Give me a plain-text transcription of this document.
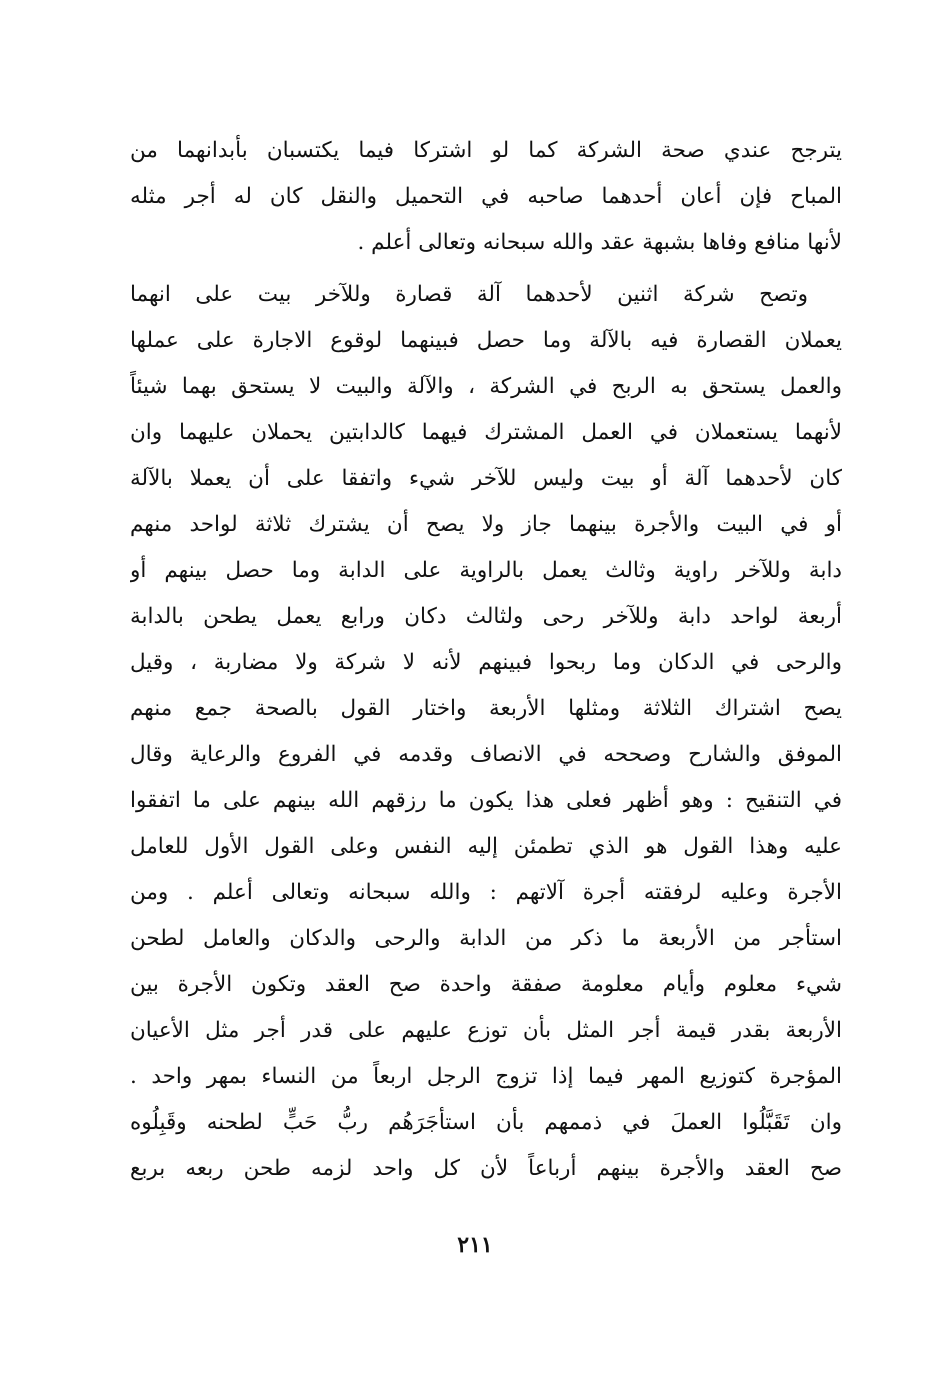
يترجح عندي صحة الشركة كما لو اشتركا فيما يكتسبان بأبدانهما من
المباح فإن أعان أحدهما صاحبه في التحميل والنقل كان له أجر مثله
لأنها منافع وفاها بشبهة عقد والله سبحانه وتعالى أعلم .
وتصح شركة اثنين لأحدهما آلة قصارة وللآخر بيت على انهما
يعملان القصارة فيه بالآلة وما حصل فبينهما لوقوع الاجارة على عملها
والعمل يستحق به الربح في الشركة ، والآلة والبيت لا يستحق بهما شيئاً
لأنهما يستعملان في العمل المشترك فيهما كالدابتين يحملان عليهما وان
كان لأحدهما آلة أو بيت وليس للآخر شيء واتفقا على أن يعملا بالآلة
أو في البيت والأجرة بينهما جاز ولا يصح أن يشترك ثلاثة لواحد منهم
دابة وللآخر راوية وثالث يعمل بالراوية على الدابة وما حصل بينهم أو
أربعة لواحد دابة وللآخر رحى ولثالث دكان ورابع يعمل يطحن بالدابة
والرحى في الدكان وما ربحوا فبينهم لأنه لا شركة ولا مضاربة ، وقيل
يصح اشتراك الثلاثة ومثلها الأربعة واختار القول بالصحة جمع منهم
الموفق والشارح وصححه في الانصاف وقدمه في الفروع والرعاية وقال
في التنقيح : وهو أظهر فعلى هذا يكون ما رزقهم الله بينهم على ما اتفقوا
عليه وهذا القول هو الذي تطمئن إليه النفس وعلى القول الأول للعامل
الأجرة وعليه لرفقته أجرة آلاتهم : والله سبحانه وتعالى أعلم . ومن
استأجر من الأربعة ما ذكر من الدابة والرحى والدكان والعامل لطحن
شيء معلوم وأيام معلومة صفقة واحدة صح العقد وتكون الأجرة بين
الأربعة بقدر قيمة أجر المثل بأن توزع عليهم على قدر أجر مثل الأعيان
المؤجرة كتوزيع المهر فيما إذا تزوج الرجل اربعاً من النساء بمهر واحد .
وان تَقَبَّلُوا العملَ في ذممهم بأن استأجَرَهُم ربُّ حَبٍّ لطحنه وقَبِلُوه
صح العقد والأجرة بينهم أرباعاً لأن كل واحد لزمه طحن ربعه بربع
٢١١
